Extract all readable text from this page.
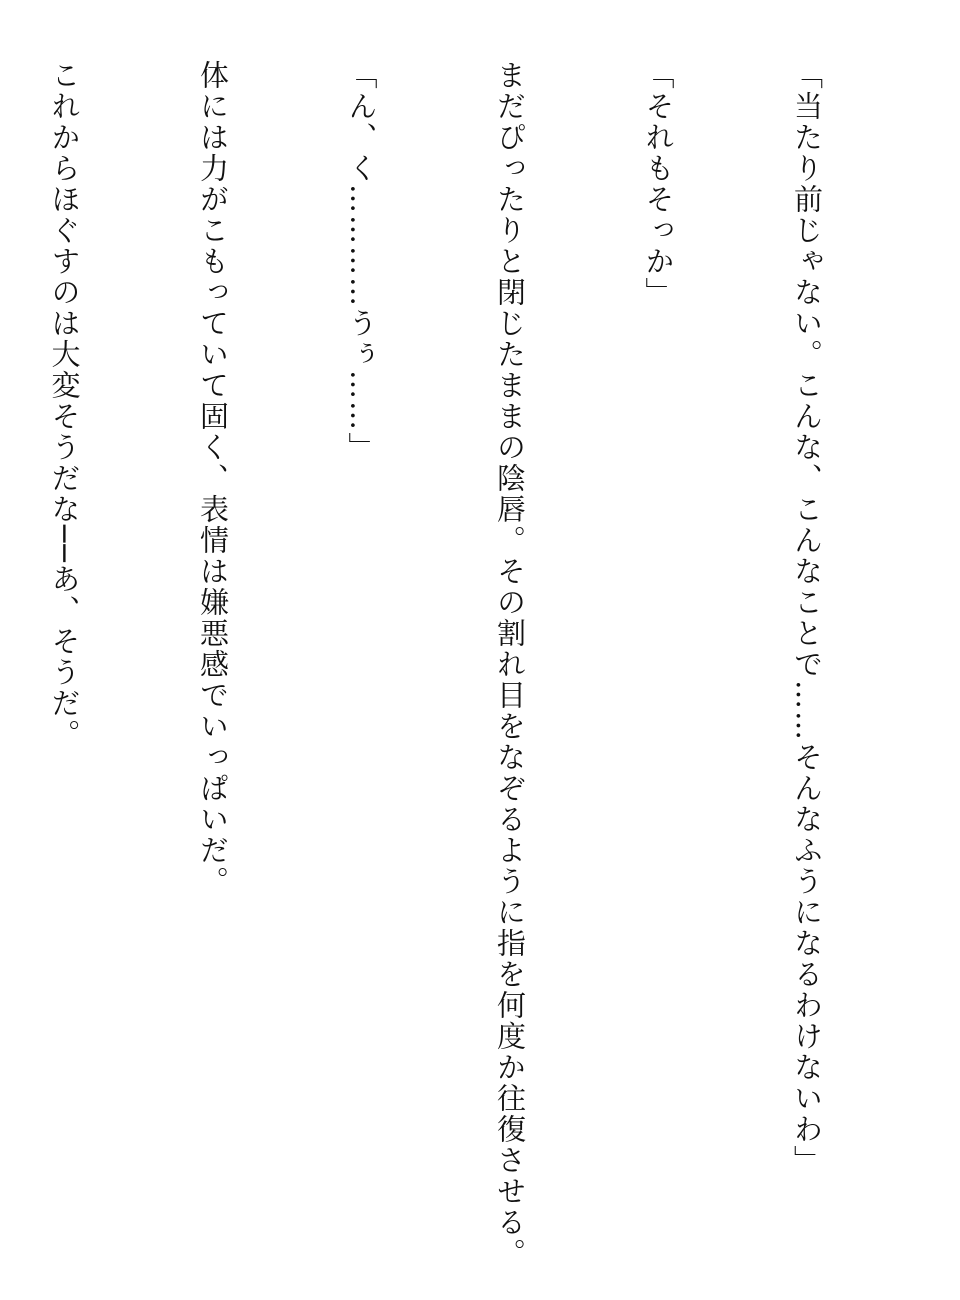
「当たり前じゃない。こんな、こんなことで……そんなふうになるわけないわ」

「それもそっか」

まだぴったりと閉じたままの陰唇。その割れ目をなぞるように指を何度か往復させる。

「ん、く…………うぅ……」

体には力がこもっていて固く、表情は嫌悪感でいっぱいだ。

これからほぐすのは大変そうだな──あ、そうだ。
